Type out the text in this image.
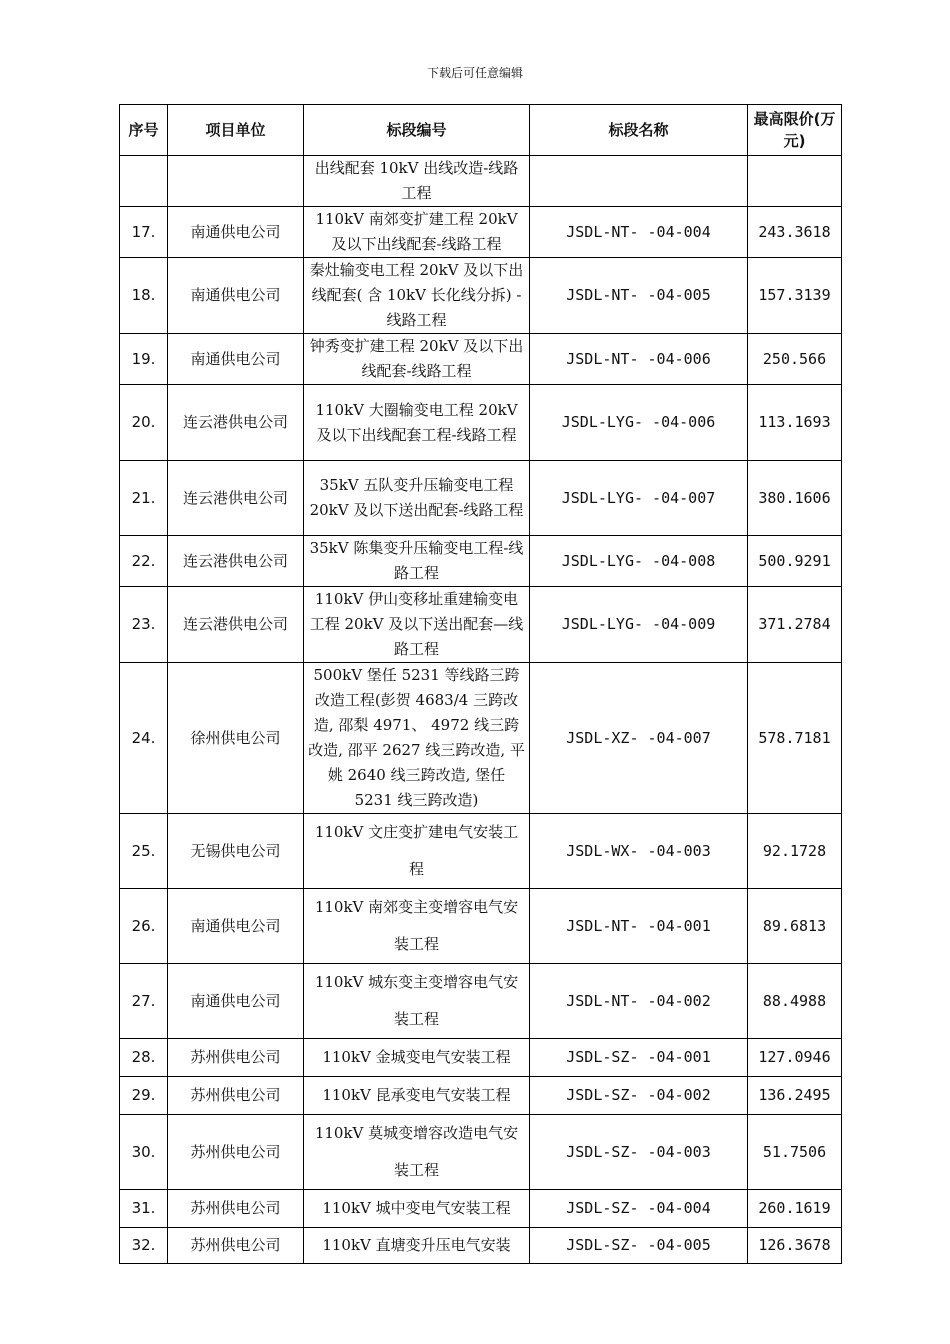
下载后可任意编辑
序号	项目单位	标段编号	标段名称	最高限价(万元)
		出线配套 10kV 出线改造-线路工程		
17.	南通供电公司	110kV 南郊变扩建工程 20kV 及以下出线配套-线路工程	JSDL-NT- -04-004	243.3618
18.	南通供电公司	秦灶输变电工程 20kV 及以下出线配套( 含 10kV 长化线分拆) -线路工程	JSDL-NT- -04-005	157.3139
19.	南通供电公司	钟秀变扩建工程 20kV 及以下出线配套-线路工程	JSDL-NT- -04-006	250.566
20.	连云港供电公司	110kV 大圈输变电工程 20kV 及以下出线配套工程-线路工程	JSDL-LYG- -04-006	113.1693
21.	连云港供电公司	35kV 五队变升压输变电工程 20kV 及以下送出配套-线路工程	JSDL-LYG- -04-007	380.1606
22.	连云港供电公司	35kV 陈集变升压输变电工程-线路工程	JSDL-LYG- -04-008	500.9291
23.	连云港供电公司	110kV 伊山变移址重建输变电工程 20kV 及以下送出配套—线路工程	JSDL-LYG- -04-009	371.2784
24.	徐州供电公司	500kV 堡任 5231 等线路三跨改造工程(彭贺 4683/4 三跨改造, 邵梨 4971、 4972 线三跨改造, 邵平 2627 线三跨改造, 平姚 2640 线三跨改造, 堡任 5231 线三跨改造)	JSDL-XZ- -04-007	578.7181
25.	无锡供电公司	110kV 文庄变扩建电气安装工程	JSDL-WX- -04-003	92.1728
26.	南通供电公司	110kV 南郊变主变增容电气安装工程	JSDL-NT- -04-001	89.6813
27.	南通供电公司	110kV 城东变主变增容电气安装工程	JSDL-NT- -04-002	88.4988
28.	苏州供电公司	110kV 金城变电气安装工程	JSDL-SZ- -04-001	127.0946
29.	苏州供电公司	110kV 昆承变电气安装工程	JSDL-SZ- -04-002	136.2495
30.	苏州供电公司	110kV 莫城变增容改造电气安装工程	JSDL-SZ- -04-003	51.7506
31.	苏州供电公司	110kV 城中变电气安装工程	JSDL-SZ- -04-004	260.1619
32.	苏州供电公司	110kV 直塘变升压电气安装	JSDL-SZ- -04-005	126.3678
